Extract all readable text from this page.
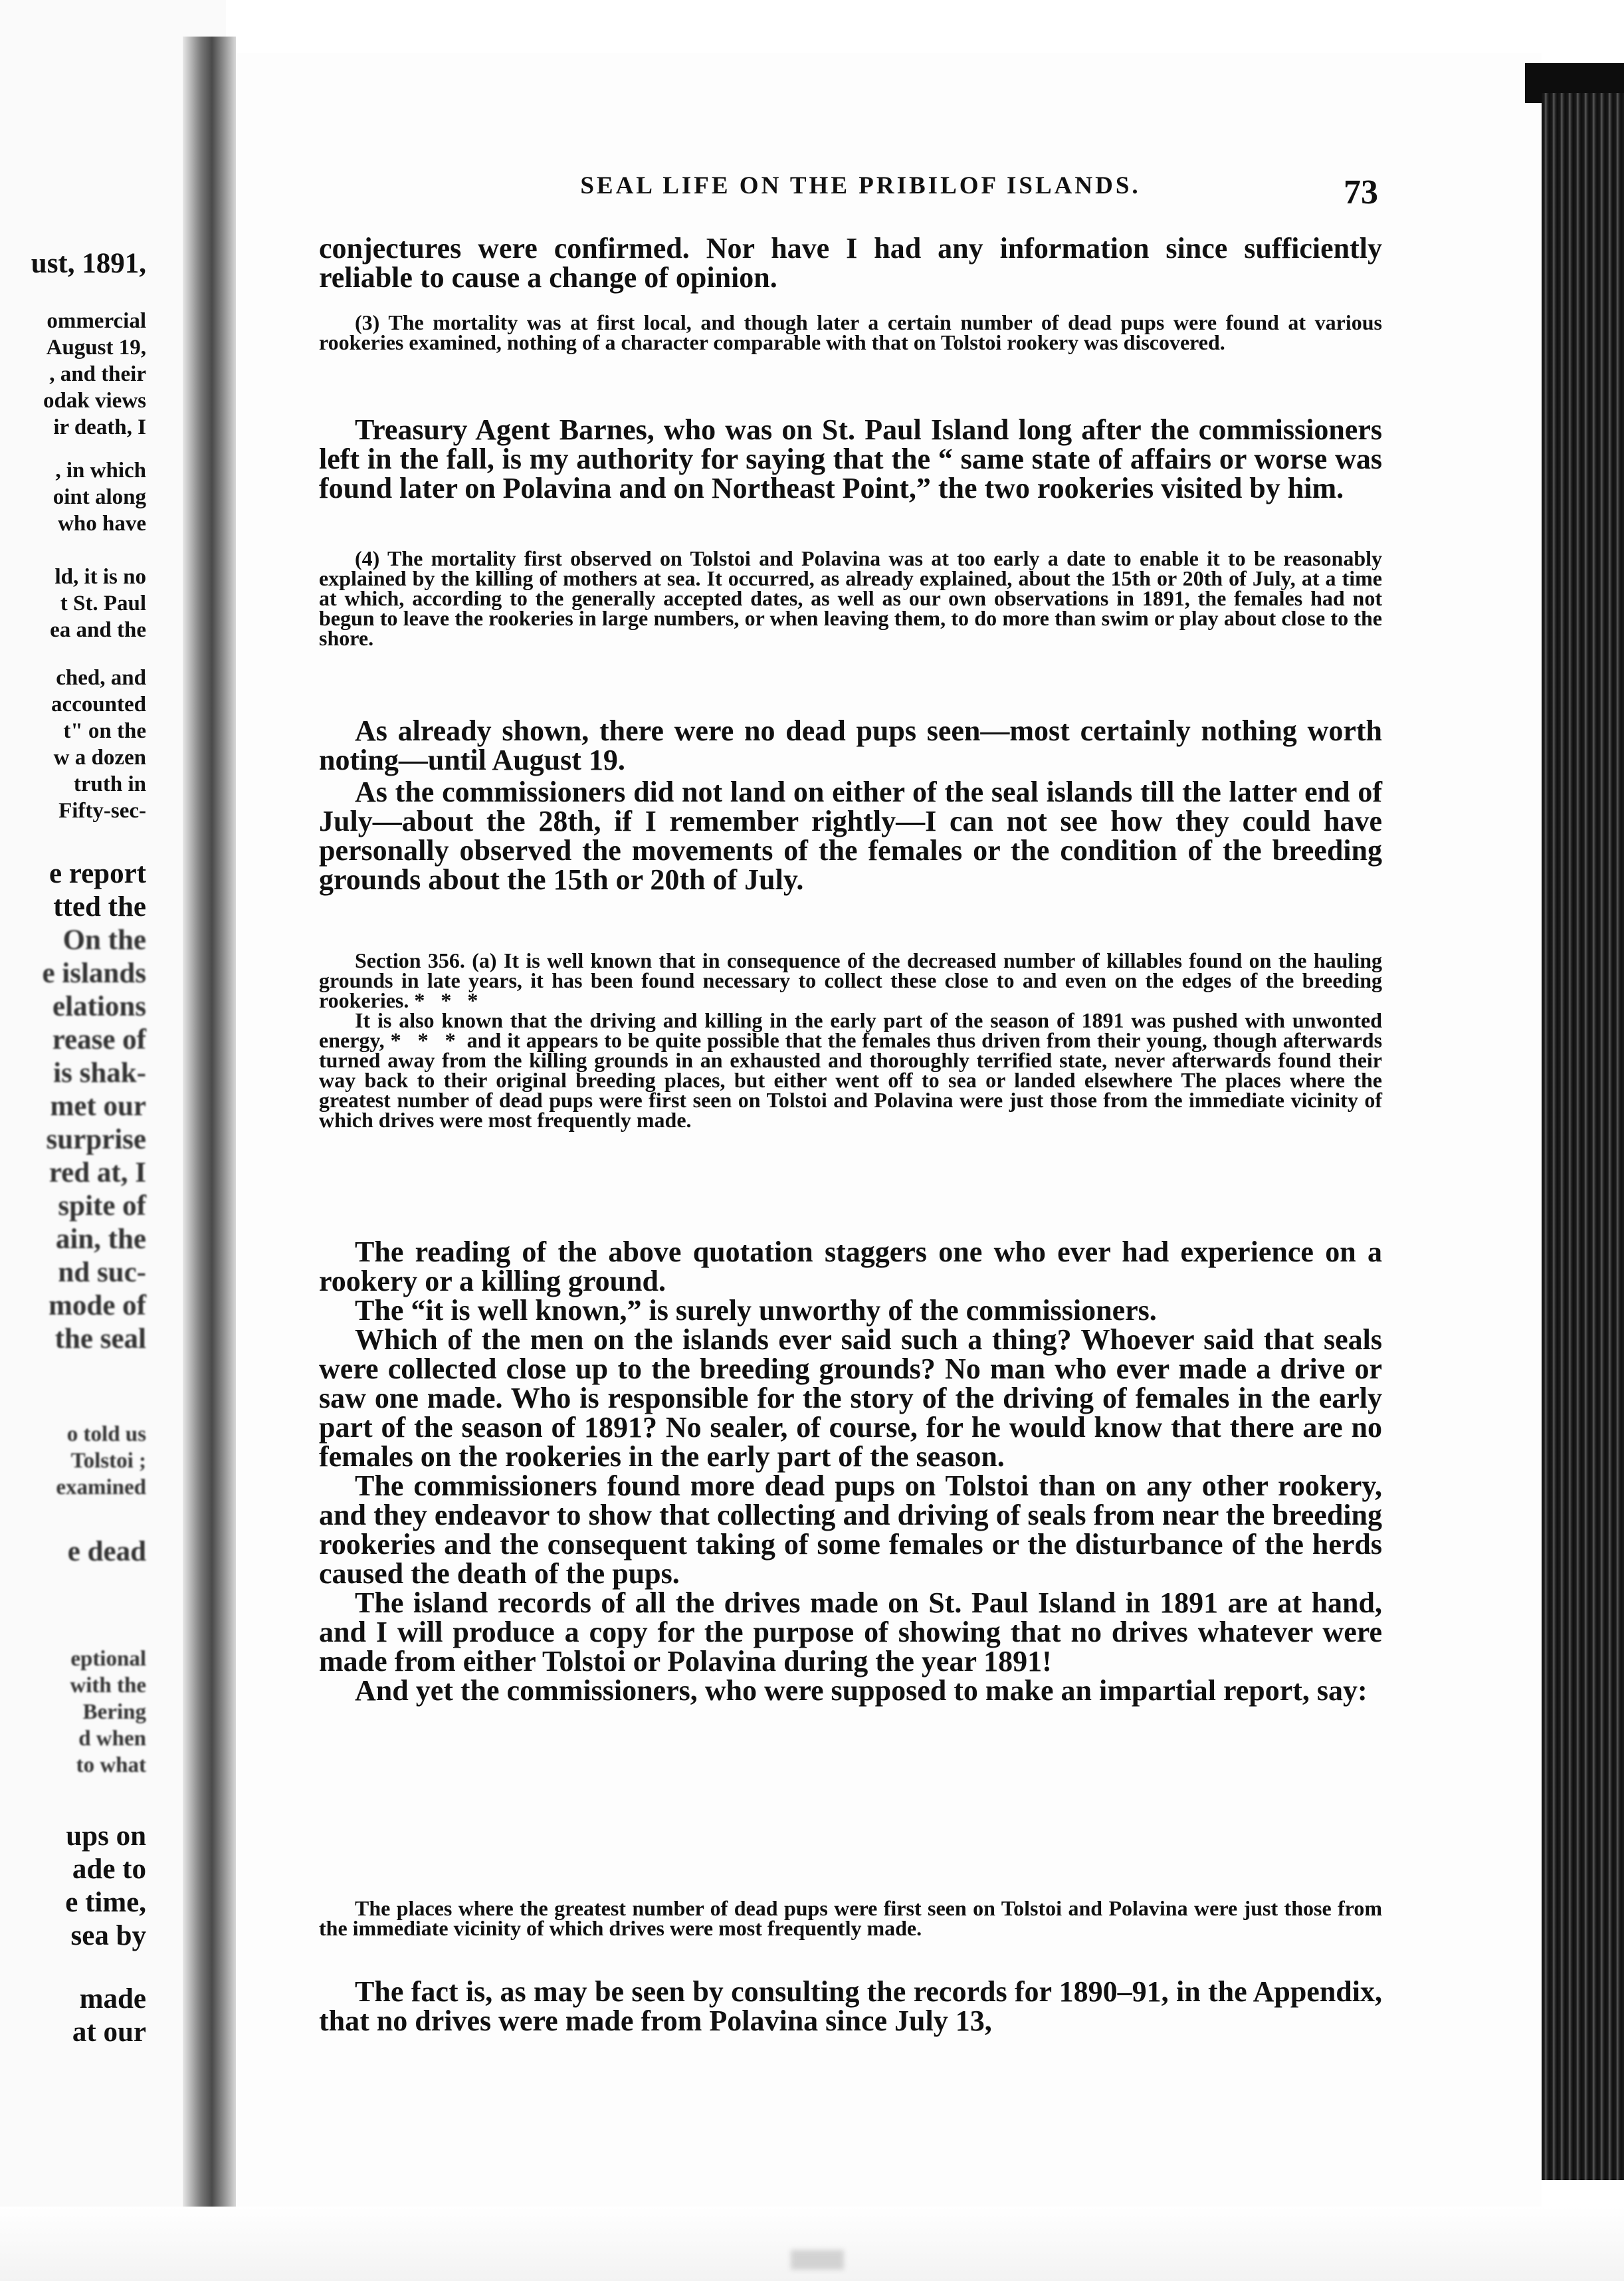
ust, 1891,
ommercial
August 19,
, and their
odak views
ir death, I
, in which
oint along
who have
ld, it is no
t St. Paul
ea and the
ched, and
accounted
t" on the
w a dozen
truth in
Fifty-sec-
e report
tted the
On the
e islands
elations
rease of
is shak-
met our
surprise
red at, I
spite of
ain, the
nd suc-
mode of
the seal
o told us
Tolstoi ;
examined
e dead
eptional
with the
Bering
d when
to what
ups on
ade to
e time,
sea by
made
at our
SEAL LIFE ON THE PRIBILOF ISLANDS.	73

conjectures were confirmed. Nor have I had any information since sufficiently reliable to cause a change of opinion.

(3) The mortality was at first local, and though later a certain number of dead pups were found at various rookeries examined, nothing of a character comparable with that on Tolstoi rookery was discovered.

Treasury Agent Barnes, who was on St. Paul Island long after the commissioners left in the fall, is my authority for saying that the “ same state of affairs or worse was found later on Polavina and on Northeast Point,” the two rookeries visited by him.

(4) The mortality first observed on Tolstoi and Polavina was at too early a date to enable it to be reasonably explained by the killing of mothers at sea. It occurred, as already explained, about the 15th or 20th of July, at a time at which, according to the generally accepted dates, as well as our own observations in 1891, the females had not begun to leave the rookeries in large numbers, or when leaving them, to do more than swim or play about close to the shore.

As already shown, there were no dead pups seen—most certainly nothing worth noting—until August 19.

As the commissioners did not land on either of the seal islands till the latter end of July—about the 28th, if I remember rightly—I can not see how they could have personally observed the movements of the females or the condition of the breeding grounds about the 15th or 20th of July.

Section 356. (a) It is well known that in consequence of the decreased number of killables found on the hauling grounds in late years, it has been found necessary to collect these close to and even on the edges of the breeding rookeries. * * *

It is also known that the driving and killing in the early part of the season of 1891 was pushed with unwonted energy, * * * and it appears to be quite possible that the females thus driven from their young, though afterwards turned away from the killing grounds in an exhausted and thoroughly terrified state, never afterwards found their way back to their original breeding places, but either went off to sea or landed elsewhere The places where the greatest number of dead pups were first seen on Tolstoi and Polavina were just those from the immediate vicinity of which drives were most frequently made.

The reading of the above quotation staggers one who ever had experience on a rookery or a killing ground.

The “it is well known,” is surely unworthy of the commissioners.

Which of the men on the islands ever said such a thing? Whoever said that seals were collected close up to the breeding grounds? No man who ever made a drive or saw one made. Who is responsible for the story of the driving of females in the early part of the season of 1891? No sealer, of course, for he would know that there are no females on the rookeries in the early part of the season.

The commissioners found more dead pups on Tolstoi than on any other rookery, and they endeavor to show that collecting and driving of seals from near the breeding rookeries and the consequent taking of some females or the disturbance of the herds caused the death of the pups.

The island records of all the drives made on St. Paul Island in 1891 are at hand, and I will produce a copy for the purpose of showing that no drives whatever were made from either Tolstoi or Polavina during the year 1891!

And yet the commissioners, who were supposed to make an impartial report, say:

The places where the greatest number of dead pups were first seen on Tolstoi and Polavina were just those from the immediate vicinity of which drives were most frequently made.

The fact is, as may be seen by consulting the records for 1890–91, in the Appendix, that no drives were made from Polavina since July 13,
